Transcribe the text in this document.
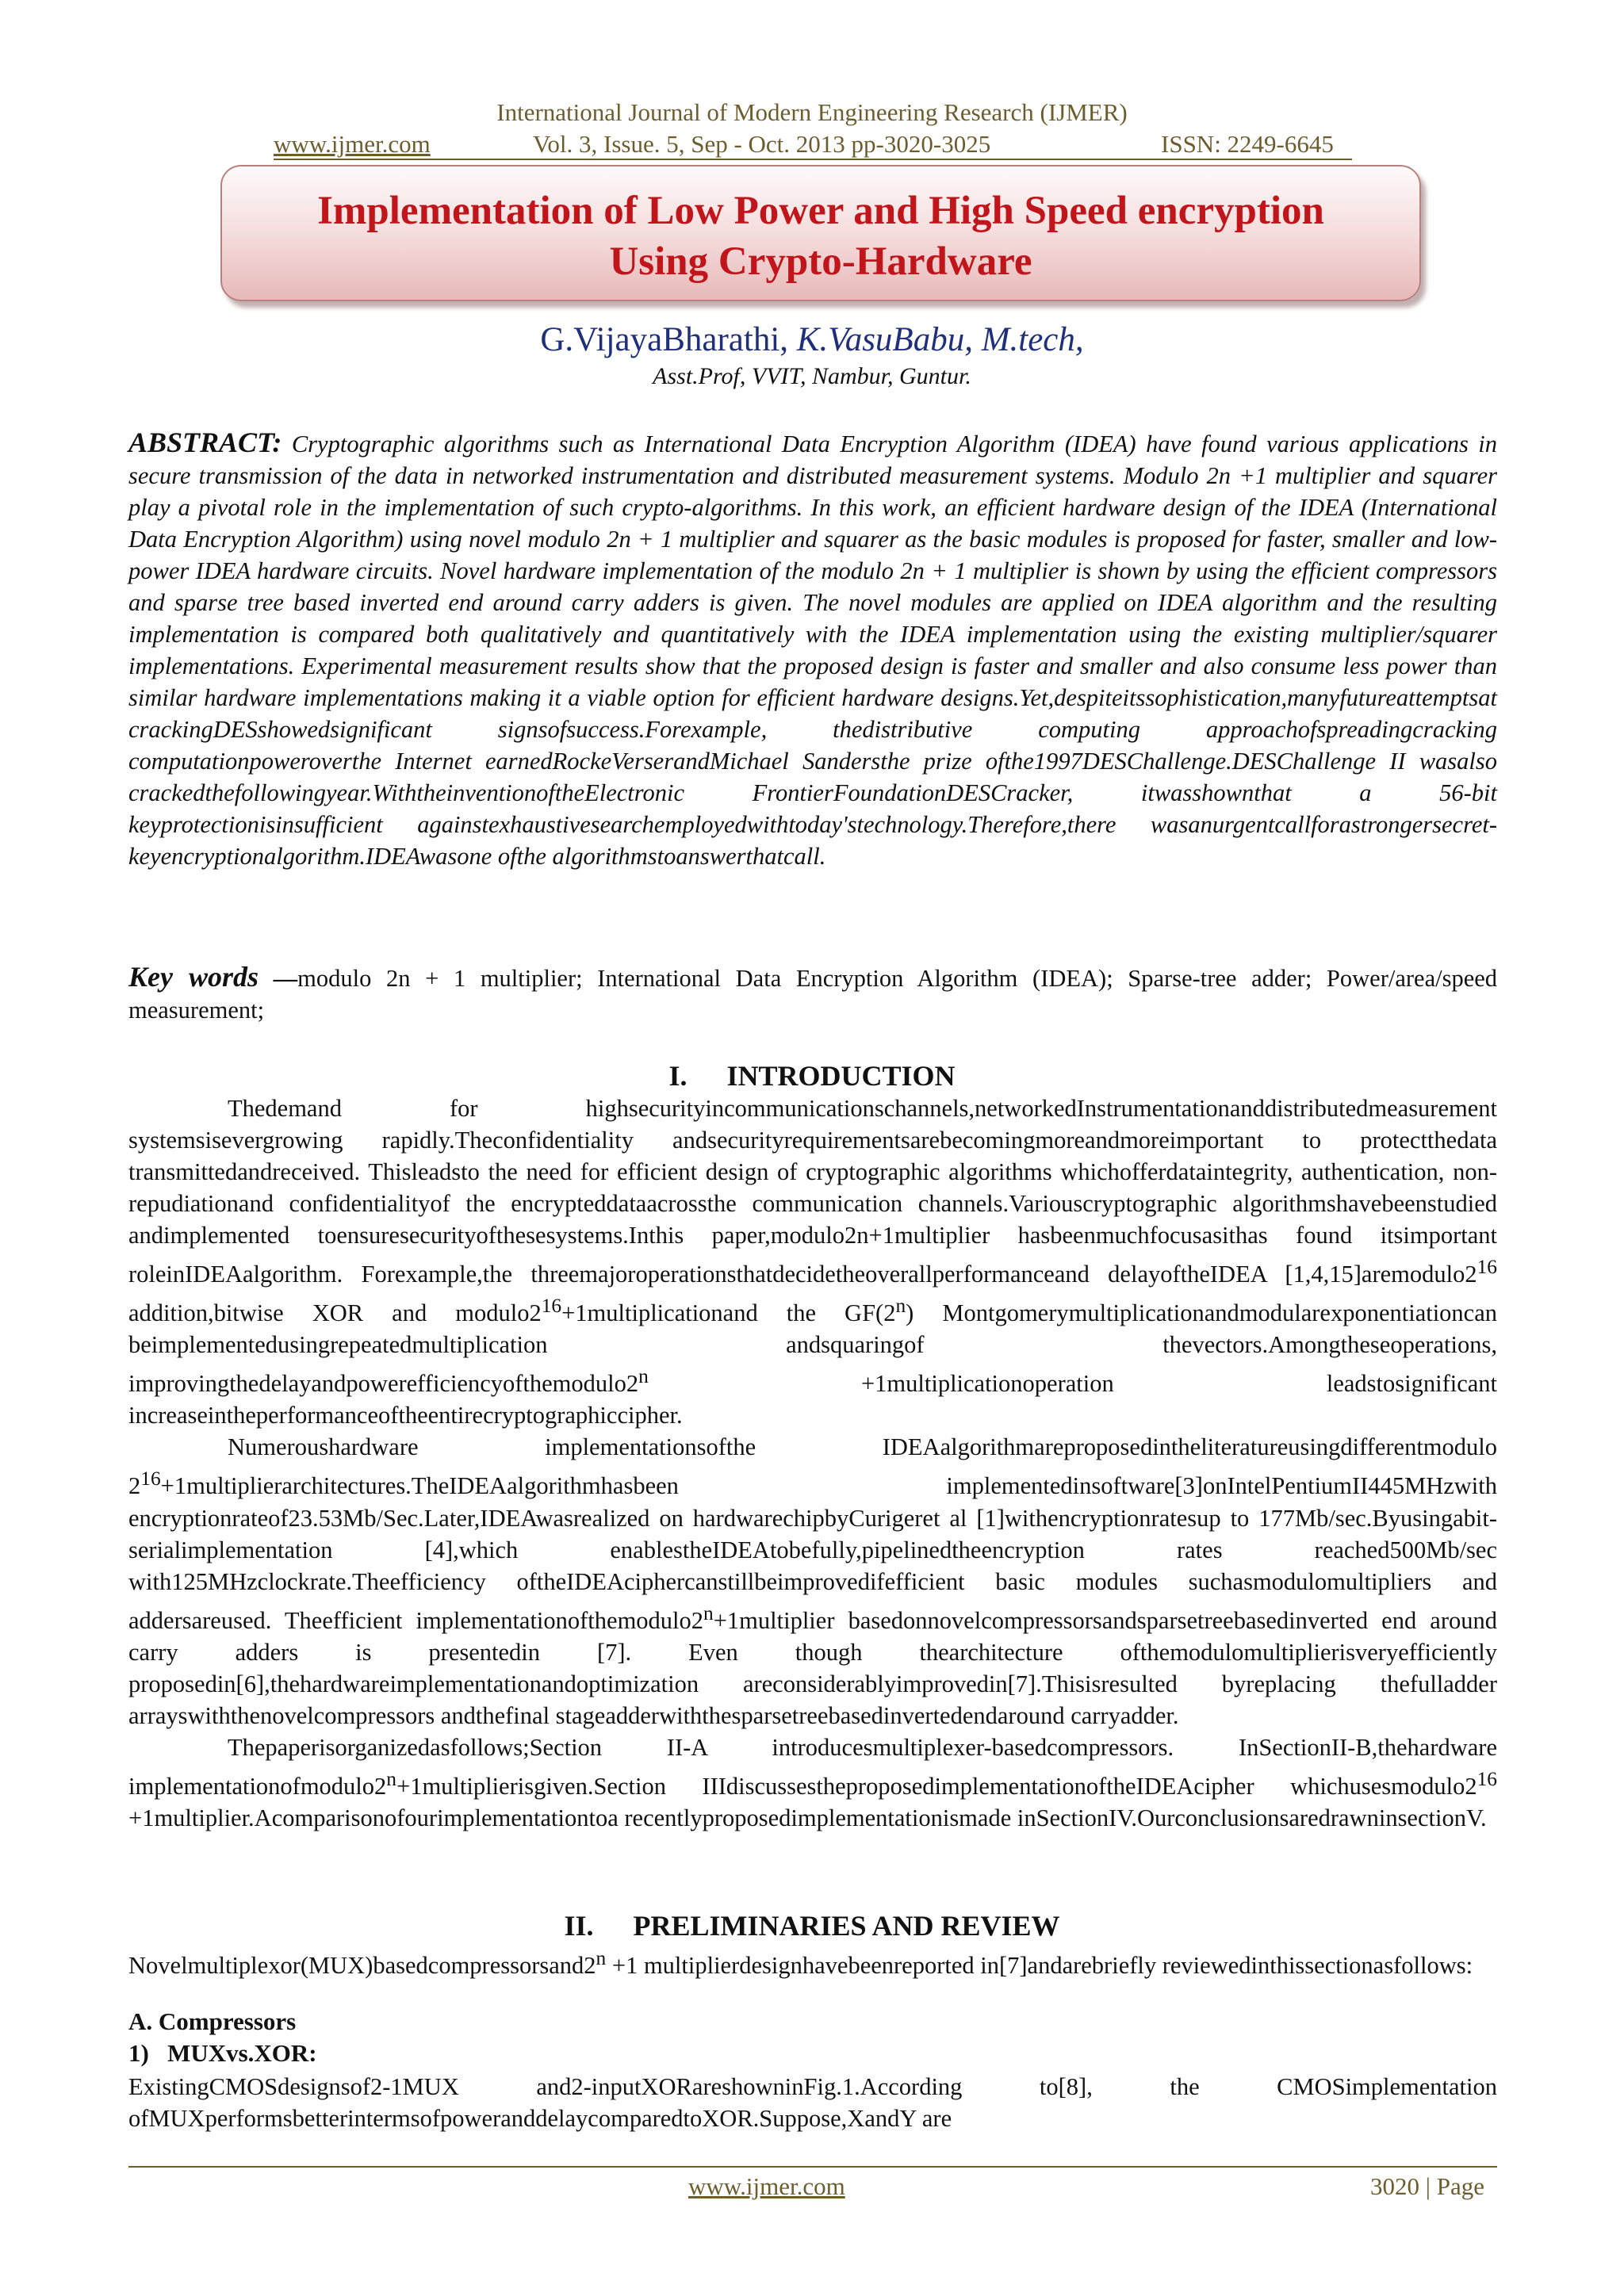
International Journal of Modern Engineering Research (IJMER)
www.ijmer.com	Vol. 3, Issue. 5, Sep - Oct. 2013 pp-3020-3025	ISSN: 2249-6645
Implementation of Low Power and High Speed encryption
Using Crypto-Hardware
G.VijayaBharathi, K.VasuBabu, M.tech,
Asst.Prof, VVIT, Nambur, Guntur.
ABSTRACT: Cryptographic algorithms such as International Data Encryption Algorithm (IDEA) have found various applications in secure transmission of the data in networked instrumentation and distributed measurement systems. Modulo 2n +1 multiplier and squarer play a pivotal role in the implementation of such crypto-algorithms. In this work, an efficient hardware design of the IDEA (International Data Encryption Algorithm) using novel modulo 2n + 1 multiplier and squarer as the basic modules is proposed for faster, smaller and low-power IDEA hardware circuits. Novel hardware implementation of the modulo 2n + 1 multiplier is shown by using the efficient compressors and sparse tree based inverted end around carry adders is given. The novel modules are applied on IDEA algorithm and the resulting implementation is compared both qualitatively and quantitatively with the IDEA implementation using the existing multiplier/squarer implementations. Experimental measurement results show that the proposed design is faster and smaller and also consume less power than similar hardware implementations making it a viable option for efficient hardware designs.Yet,despiteitssophistication,manyfutureattemptsat crackingDESshowedsignificant signsofsuccess.Forexample, thedistributive computing approachofspreadingcracking computationpoweroverthe Internet earnedRockeVerserandMichael Sandersthe prize ofthe1997DESChallenge.DESChallenge II wasalso crackedthefollowingyear.WiththeinventionoftheElectronic FrontierFoundationDESCracker, itwasshownthat a 56-bit keyprotectionisinsufficient againstexhaustivesearchemployedwithtoday'stechnology.Therefore,there wasanurgentcallforastrongersecret-keyencryptionalgorithm.IDEAwasone ofthe algorithmstoanswerthatcall.
Key words —modulo 2n + 1 multiplier; International Data Encryption Algorithm (IDEA); Sparse-tree adder; Power/area/speed measurement;
I. INTRODUCTION

Thedemand for highsecurityincommunicationschannels,networkedInstrumentationanddistributedmeasurement systemsisevergrowing rapidly.Theconfidentiality andsecurityrequirementsarebecomingmoreandmoreimportant to protectthedata transmittedandreceived. Thisleadsto the need for efficient design of cryptographic algorithms whichofferdataintegrity, authentication, non-repudiationand confidentialityof the encrypteddataacrossthe communication channels.Variouscryptographic algorithmshavebeenstudied andimplemented toensuresecurityofthesesystems.Inthis paper,modulo2n+1multiplier hasbeenmuchfocusasithas found itsimportant roleinIDEAalgorithm. Forexample,the threemajoroperationsthatdecidetheoverallperformanceand delayoftheIDEA $[1,4,15]aremodulo2^{16}$ addition,bitwise XOR and $modulo2^{16}+1multiplicationand$ the GF(2$^n$) Montgomerymultiplicationandmodularexponentiationcan beimplementedusingrepeatedmultiplication andsquaringof thevectors.Amongtheseoperations, $improvingthedelayandpowerefficiencyofthemodulo2^n$ +1multiplicationoperation leadstosignificant increaseintheperformanceoftheentirecryptographiccipher.

Numeroushardware implementationsofthe IDEAalgorithmareproposedintheliteratureusingdifferentmodulo $2^{16}+1multiplierarchitectures.TheIDEAalgorithmhasbeen$ implementedinsoftware[3]onIntelPentiumII445MHzwith encryptionrateof23.53Mb/Sec.Later,IDEAwasrealized on hardwarechipbyCurigeret al [1]withencryptionratesup to 177Mb/sec.Byusingabit-serialimplementation [4],which enablestheIDEAtobefully,pipelinedtheencryption rates reached500Mb/sec with125MHzclockrate.Theefficiency oftheIDEAciphercanstillbeimprovedifefficient basic modules suchasmodulomultipliers and addersareused. Theefficient $implementationofthemodulo2^n+1multiplier$ basedonnovelcompressorsandsparsetreebasedinverted end around carry adders is presentedin [7]. Even though thearchitecture ofthemodulomultiplierisveryefficiently proposedin[6],thehardwareimplementationandoptimization areconsiderablyimprovedin[7].Thisisresulted byreplacing thefulladder arrayswiththenovelcompressors andthefinal stageadderwiththesparsetreebasedinvertedendaround carryadder.

Thepaperisorganizedasfollows;Section II-A introducesmultiplexer-basedcompressors. InSectionII-B,thehardware $implementationofmodulo2^n+1multiplierisgiven.Section$ IIIdiscussestheproposedimplementationoftheIDEAcipher $whichusesmodulo2^{16}$ +1multiplier.Acomparisonofourimplementationtoa recentlyproposedimplementationismade inSectionIV.OurconclusionsaredrawninsectionV.

II. PRELIMINARIES AND REVIEW

$Novelmultiplexor(MUX)basedcompressorsand2^n +1$ multiplierdesignhavebeenreported in[7]andarebriefly reviewedinthissectionasfollows:

A. Compressors
1)   MUXvs.XOR:

ExistingCMOSdesignsof2-1MUX and2-inputXORareshowninFig.1.According to[8], the CMOSimplementation ofMUXperformsbetterintermsofpoweranddelaycomparedtoXOR.Suppose,XandY are

www.ijmer.com	3020 | Page
